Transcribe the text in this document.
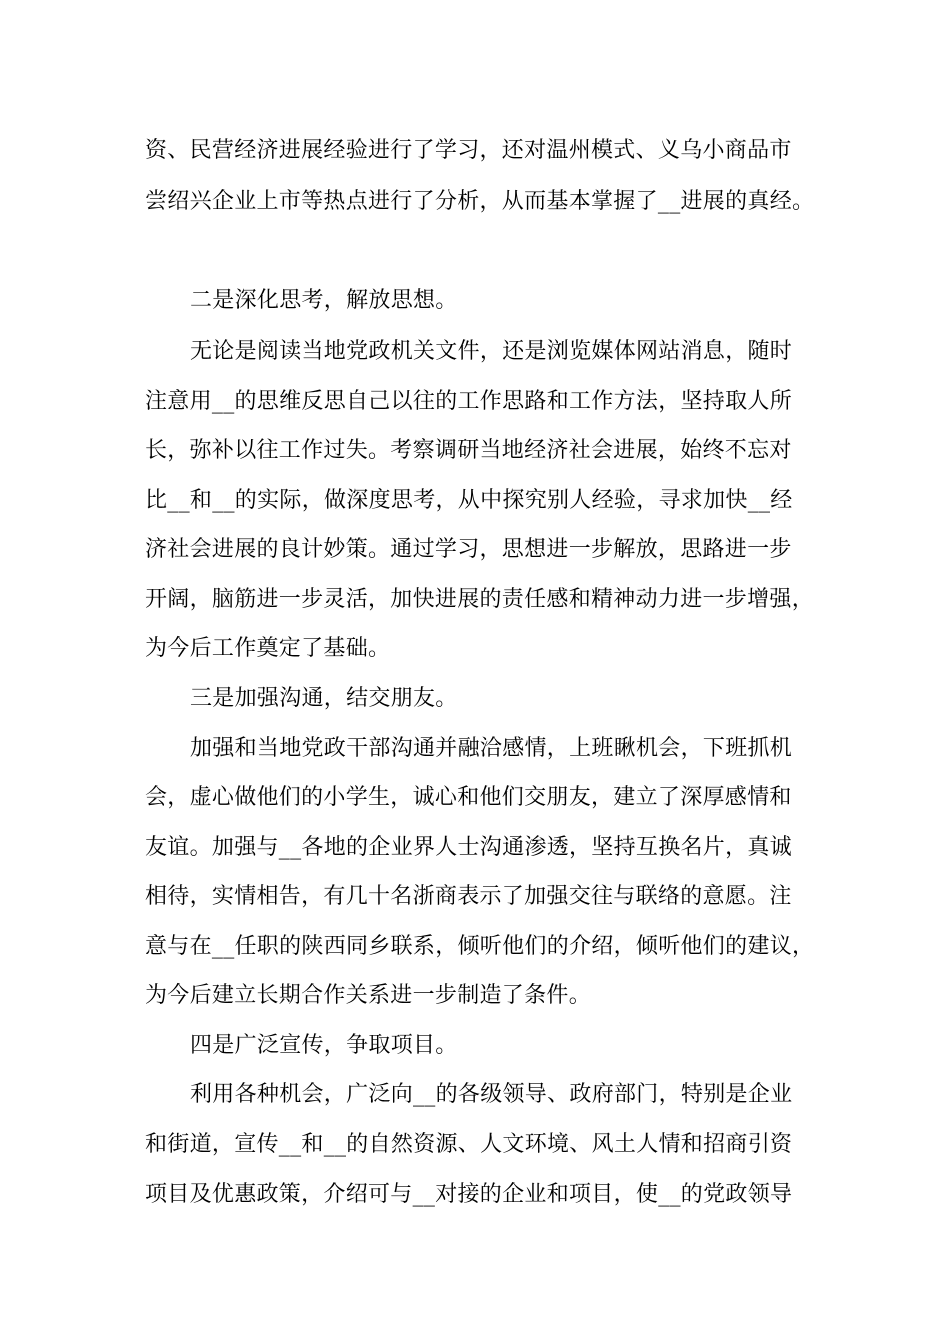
资、民营经济进展经验进行了学习，还对温州模式、义乌小商品市
尝绍兴企业上市等热点进行了分析，从而基本掌握了__进展的真经。
二是深化思考，解放思想。
无论是阅读当地党政机关文件，还是浏览媒体网站消息，随时
注意用__的思维反思自己以往的工作思路和工作方法，坚持取人所
长，弥补以往工作过失。考察调研当地经济社会进展，始终不忘对
比__和__的实际，做深度思考，从中探究别人经验，寻求加快__经
济社会进展的良计妙策。通过学习，思想进一步解放，思路进一步
开阔，脑筋进一步灵活，加快进展的责任感和精神动力进一步增强，
为今后工作奠定了基础。
三是加强沟通，结交朋友。
加强和当地党政干部沟通并融洽感情，上班瞅机会，下班抓机
会，虚心做他们的小学生，诚心和他们交朋友，建立了深厚感情和
友谊。加强与__各地的企业界人士沟通渗透，坚持互换名片，真诚
相待，实情相告，有几十名浙商表示了加强交往与联络的意愿。注
意与在__任职的陕西同乡联系，倾听他们的介绍，倾听他们的建议，
为今后建立长期合作关系进一步制造了条件。
四是广泛宣传，争取项目。
利用各种机会，广泛向__的各级领导、政府部门，特别是企业
和街道，宣传__和__的自然资源、人文环境、风土人情和招商引资
项目及优惠政策，介绍可与__对接的企业和项目，使__的党政领导
